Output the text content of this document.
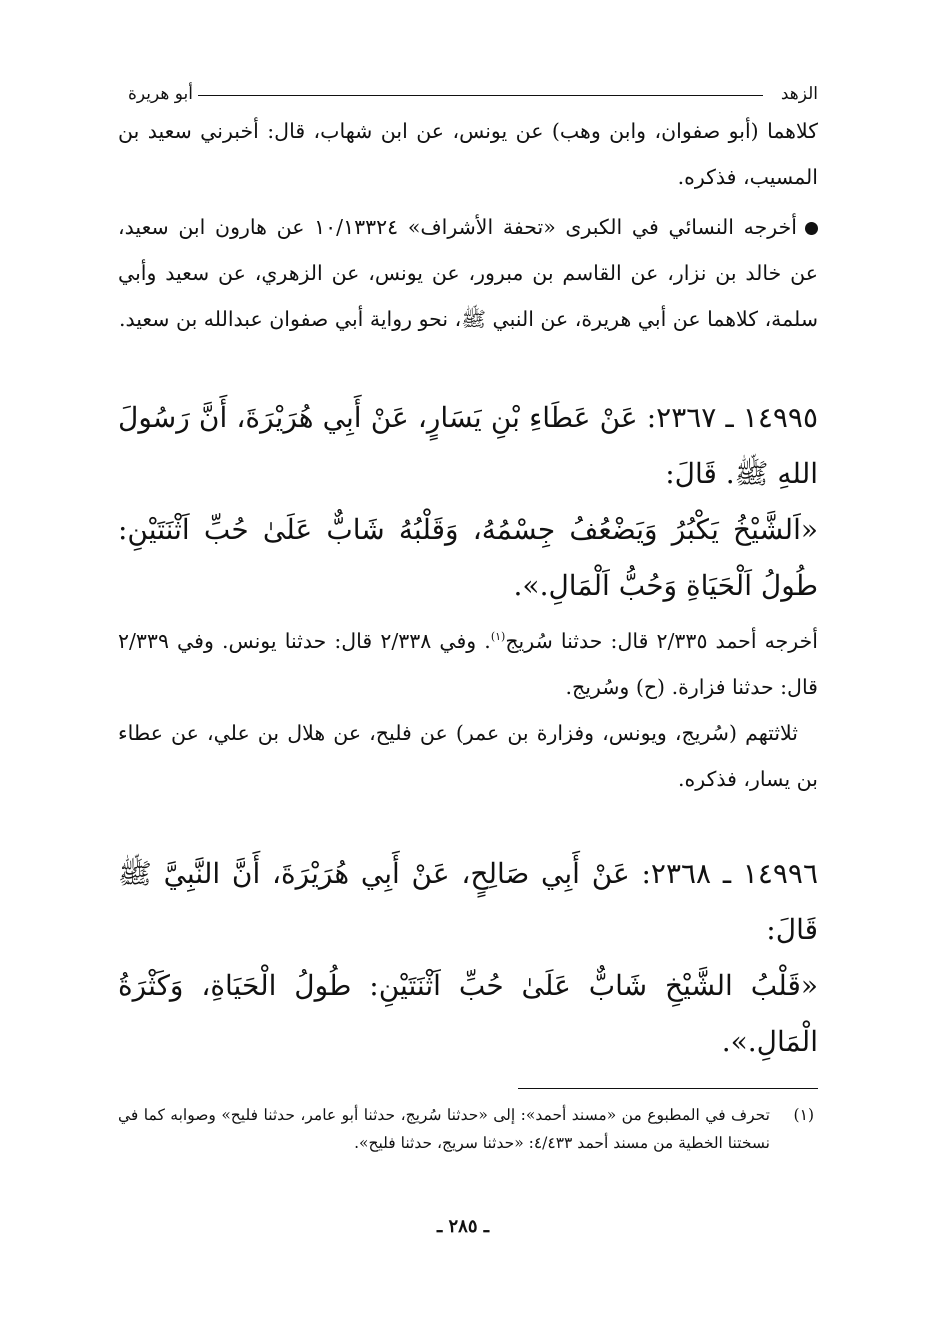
الزهد
أبو هريرة

كلاهما (أبو صفوان، وابن وهب) عن يونس، عن ابن شهاب، قال: أخبرني سعيد بن المسيب، فذكره.

أخرجه النسائي في الكبرى «تحفة الأشراف» ١٠/١٣٣٢٤ عن هارون ابن سعيد، عن خالد بن نزار، عن القاسم بن مبرور، عن يونس، عن الزهري، عن سعيد وأبي سلمة، كلاهما عن أبي هريرة، عن النبي ﷺ، نحو رواية أبي صفوان عبدالله بن سعيد.

١٤٩٩٥ ـ ٢٣٦٧: عَنْ عَطَاءِ بْنِ يَسَارٍ، عَنْ أَبِي هُرَيْرَةَ، أَنَّ رَسُولَ اللهِ ﷺ. قَالَ:

«اَلشَّيْخُ يَكْبُرُ وَيَضْعُفُ جِسْمُهُ، وَقَلْبُهُ شَابٌّ عَلَىٰ حُبِّ اَثْنَتَيْنِ: طُولُ اَلْحَيَاةِ وَحُبُّ اَلْمَالِ.».

أخرجه أحمد ٢/٣٣٥ قال: حدثنا سُريج$^{(١)}$. وفي ٢/٣٣٨ قال: حدثنا يونس. وفي ٢/٣٣٩ قال: حدثنا فزارة. (ح) وسُريج.

ثلاثتهم (سُريج، ويونس، وفزارة بن عمر) عن فليح، عن هلال بن علي، عن عطاء بن يسار، فذكره.

١٤٩٩٦ ـ ٢٣٦٨: عَنْ أَبِي صَالِحٍ، عَنْ أَبِي هُرَيْرَةَ، أَنَّ النَّبِيَّ ﷺ قَالَ:

«قَلْبُ الشَّيْخِ شَابٌّ عَلَىٰ حُبِّ اَثْنَتَيْنِ: طُولُ الْحَيَاةِ، وَكَثْرَةُ الْمَالِ.».

(١)
تحرف في المطبوع من «مسند أحمد»: إلى «حدثنا سُريج، حدثنا أبو عامر، حدثنا فليح» وصوابه كما في نسختنا الخطية من مسند أحمد ٤/٤٣٣: «حدثنا سريج، حدثنا فليح».

ـ ٢٨٥ ـ
